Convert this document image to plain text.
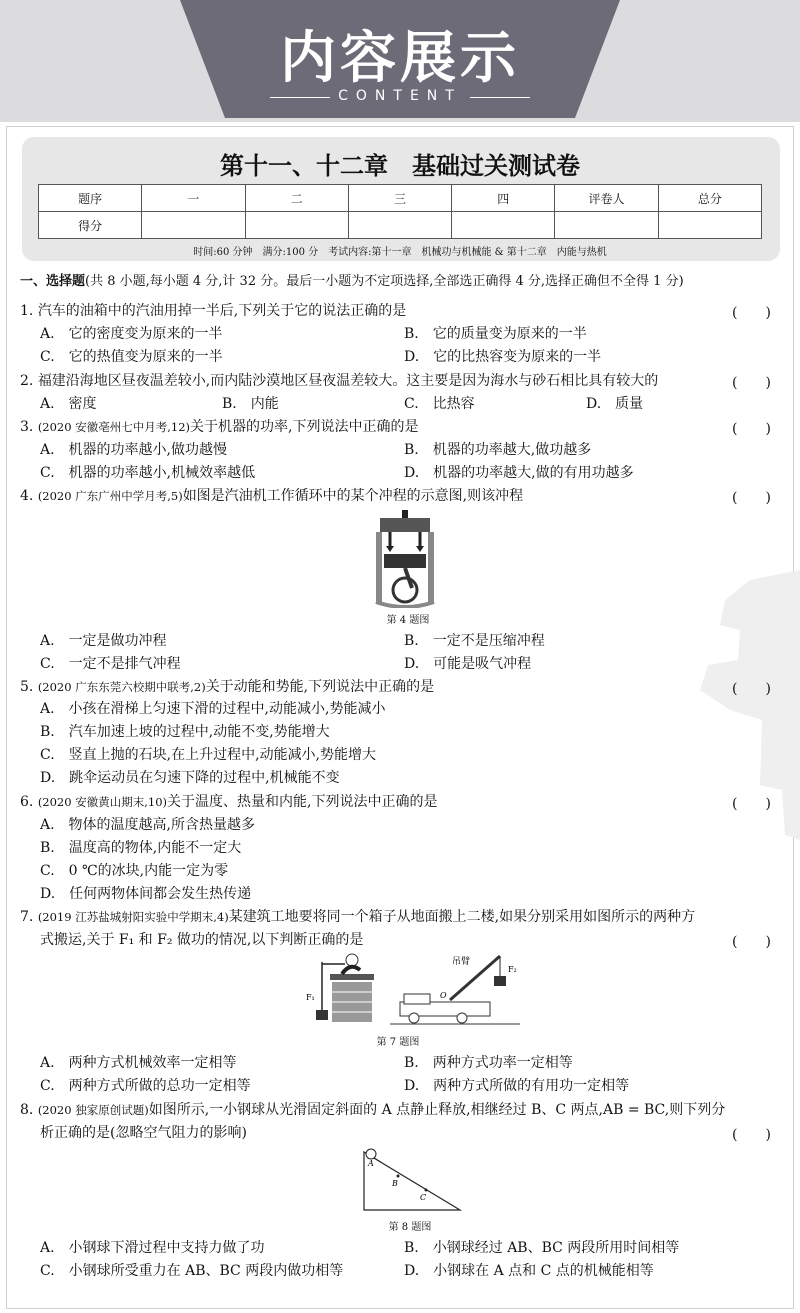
内容展示
CONTENT
第十一、十二章　基础过关测试卷
题序	一	二	三	四	评卷人	总分
得分						
时间:60 分钟　满分:100 分　考试内容:第十一章　机械功与机械能 & 第十二章　内能与热机
一、选择题(共 8 小题,每小题 4 分,计 32 分。最后一小题为不定项选择,全部选正确得 4 分,选择正确但不全得 1 分)
1. 汽车的油箱中的汽油用掉一半后,下列关于它的说法正确的是	(　　)
A.　它的密度变为原来的一半	B.　它的质量变为原来的一半
C.　它的热值变为原来的一半	D.　它的比热容变为原来的一半
2. 福建沿海地区昼夜温差较小,而内陆沙漠地区昼夜温差较大。这主要是因为海水与砂石相比具有较大的	(　　)
A.　密度	B.　内能	C.　比热容	D.　质量
3. (2020 安徽亳州七中月考,12)关于机器的功率,下列说法中正确的是	(　　)
A.　机器的功率越小,做功越慢	B.　机器的功率越大,做功越多
C.　机器的功率越小,机械效率越低	D.　机器的功率越大,做的有用功越多
4. (2020 广东广州中学月考,5)如图是汽油机工作循环中的某个冲程的示意图,则该冲程	(　　)
第 4 题图
A.　一定是做功冲程	B.　一定不是压缩冲程
C.　一定不是排气冲程	D.　可能是吸气冲程
5. (2020 广东东莞六校期中联考,2)关于动能和势能,下列说法中正确的是	(　　)
A.　小孩在滑梯上匀速下滑的过程中,动能减小,势能减小
B.　汽车加速上坡的过程中,动能不变,势能增大
C.　竖直上抛的石块,在上升过程中,动能减小,势能增大
D.　跳伞运动员在匀速下降的过程中,机械能不变
6. (2020 安徽黄山期末,10)关于温度、热量和内能,下列说法中正确的是	(　　)
A.　物体的温度越高,所含热量越多
B.　温度高的物体,内能不一定大
C.　0 ℃的冰块,内能一定为零
D.　任何两物体间都会发生热传递
7. (2019 江苏盐城射阳实验中学期末,4)某建筑工地要将同一个箱子从地面搬上二楼,如果分别采用如图所示的两种方
式搬运,关于 F₁ 和 F₂ 做功的情况,以下判断正确的是	(　　)
F₁
吊臂
F₂
O
第 7 题图
A.　两种方式机械效率一定相等	B.　两种方式功率一定相等
C.　两种方式所做的总功一定相等	D.　两种方式所做的有用功一定相等
8. (2020 独家原创试题)如图所示,一小钢球从光滑固定斜面的 A 点静止释放,相继经过 B、C 两点,AB = BC,则下列分
析正确的是(忽略空气阻力的影响)	(　　)
A
B
C
第 8 题图
A.　小钢球下滑过程中支持力做了功	B.　小钢球经过 AB、BC 两段所用时间相等
C.　小钢球所受重力在 AB、BC 两段内做功相等	D.　小钢球在 A 点和 C 点的机械能相等
